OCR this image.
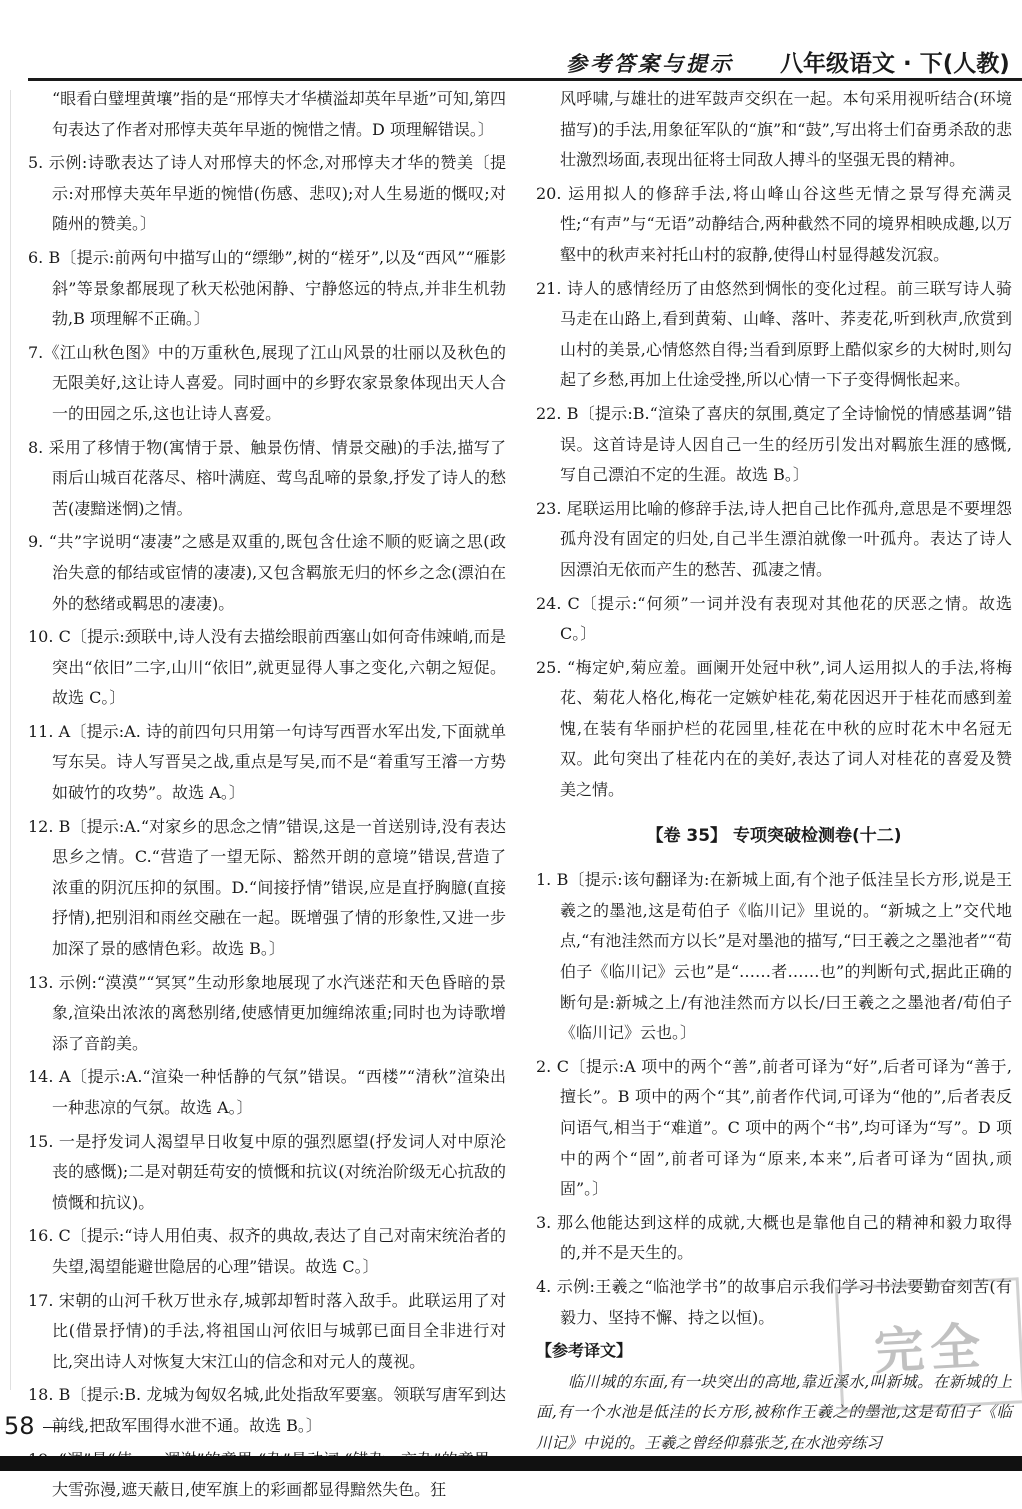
参考答案与提示 八年级语文 · 下(人教)

“眼看白璧埋黄壤”指的是“邢惇夫才华横溢却英年早逝”可知,第四句表达了作者对邢惇夫英年早逝的惋惜之情。D 项理解错误。〕

5. 示例:诗歌表达了诗人对邢惇夫的怀念,对邢惇夫才华的赞美〔提示:对邢惇夫英年早逝的惋惜(伤感、悲叹);对人生易逝的慨叹;对随州的赞美。〕

6. B〔提示:前两句中描写山的“缥缈”,树的“槎牙”,以及“西风”“雁影斜”等景象都展现了秋天松弛闲静、宁静悠远的特点,并非生机勃勃,B 项理解不正确。〕

7.《江山秋色图》中的万重秋色,展现了江山风景的壮丽以及秋色的无限美好,这让诗人喜爱。同时画中的乡野农家景象体现出天人合一的田园之乐,这也让诗人喜爱。

8. 采用了移情于物(寓情于景、触景伤情、情景交融)的手法,描写了雨后山城百花落尽、榕叶满庭、莺鸟乱啼的景象,抒发了诗人的愁苦(凄黯迷惘)之情。

9. “共”字说明“凄凄”之感是双重的,既包含仕途不顺的贬谪之思(政治失意的郁结或宦情的凄凄),又包含羁旅无归的怀乡之念(漂泊在外的愁绪或羁思的凄凄)。

10. C〔提示:颈联中,诗人没有去描绘眼前西塞山如何奇伟竦峭,而是突出“依旧”二字,山川“依旧”,就更显得人事之变化,六朝之短促。故选 C。〕

11. A〔提示:A. 诗的前四句只用第一句诗写西晋水军出发,下面就单写东吴。诗人写晋吴之战,重点是写吴,而不是“着重写王濬一方势如破竹的攻势”。故选 A。〕

12. B〔提示:A.“对家乡的思念之情”错误,这是一首送别诗,没有表达思乡之情。C.“营造了一望无际、豁然开朗的意境”错误,营造了浓重的阴沉压抑的氛围。D.“间接抒情”错误,应是直抒胸臆(直接抒情),把别泪和雨丝交融在一起。既增强了情的形象性,又进一步加深了景的感情色彩。故选 B。〕

13. 示例:“漠漠”“冥冥”生动形象地展现了水汽迷茫和天色昏暗的景象,渲染出浓浓的离愁别绪,使感情更加缠绵浓重;同时也为诗歌增添了音韵美。

14. A〔提示:A.“渲染一种恬静的气氛”错误。“西楼”“清秋”渲染出一种悲凉的气氛。故选 A。〕

15. 一是抒发词人渴望早日收复中原的强烈愿望(抒发词人对中原沦丧的感慨);二是对朝廷苟安的愤慨和抗议(对统治阶级无心抗敌的愤慨和抗议)。

16. C〔提示:“诗人用伯夷、叔齐的典故,表达了自己对南宋统治者的失望,渴望能避世隐居的心理”错误。故选 C。〕

17. 宋朝的山河千秋万世永存,城郭却暂时落入敌手。此联运用了对比(借景抒情)的手法,将祖国山河依旧与城郭已面目全非进行对比,突出诗人对恢复大宋江山的信念和对元人的蔑视。

18. B〔提示:B. 龙城为匈奴名城,此处指敌军要塞。领联写唐军到达前线,把敌军围得水泄不通。故选 B。〕

大雪弥漫,遮天蔽日,使军旗上的彩画都显得黯然失色。狂

风呼啸,与雄壮的进军鼓声交织在一起。本句采用视听结合(环境描写)的手法,用象征军队的“旗”和“鼓”,写出将士们奋勇杀敌的悲壮激烈场面,表现出征将士同敌人搏斗的坚强无畏的精神。

20. 运用拟人的修辞手法,将山峰山谷这些无情之景写得充满灵性;“有声”与“无语”动静结合,两种截然不同的境界相映成趣,以万壑中的秋声来衬托山村的寂静,使得山村显得越发沉寂。

21. 诗人的感情经历了由悠然到惆怅的变化过程。前三联写诗人骑马走在山路上,看到黄菊、山峰、落叶、荞麦花,听到秋声,欣赏到山村的美景,心情悠然自得;当看到原野上酷似家乡的大树时,则勾起了乡愁,再加上仕途受挫,所以心情一下子变得惆怅起来。

22. B〔提示:B.“渲染了喜庆的氛围,奠定了全诗愉悦的情感基调”错误。这首诗是诗人因自己一生的经历引发出对羁旅生涯的感慨,写自己漂泊不定的生涯。故选 B。〕

23. 尾联运用比喻的修辞手法,诗人把自己比作孤舟,意思是不要埋怨孤舟没有固定的归处,自己半生漂泊就像一叶孤舟。表达了诗人因漂泊无依而产生的愁苦、孤凄之情。

24. C〔提示:“何须”一词并没有表现对其他花的厌恶之情。故选 C。〕

25. “梅定妒,菊应羞。画阑开处冠中秋”,词人运用拟人的手法,将梅花、菊花人格化,梅花一定嫉妒桂花,菊花因迟开于桂花而感到羞愧,在装有华丽护栏的花园里,桂花在中秋的应时花木中名冠无双。此句突出了桂花内在的美好,表达了词人对桂花的喜爱及赞美之情。

【卷 35】 专项突破检测卷(十二)

1. B〔提示:该句翻译为:在新城上面,有个池子低洼呈长方形,说是王羲之的墨池,这是荀伯子《临川记》里说的。“新城之上”交代地点,“有池洼然而方以长”是对墨池的描写,“曰王羲之之墨池者”“荀伯子《临川记》云也”是“……者……也”的判断句式,据此正确的断句是:新城之上/有池洼然而方以长/曰王羲之之墨池者/荀伯子《临川记》云也。〕

2. C〔提示:A 项中的两个“善”,前者可译为“好”,后者可译为“善于,擅长”。B 项中的两个“其”,前者作代词,可译为“他的”,后者表反问语气,相当于“难道”。C 项中的两个“书”,均可译为“写”。D 项中的两个“固”,前者可译为“原来,本来”,后者可译为“固执,顽固”。〕

3. 那么他能达到这样的成就,大概也是靠他自己的精神和毅力取得的,并不是天生的。

4. 示例:王羲之“临池学书”的故事启示我们学习书法要勤奋刻苦(有毅力、坚持不懈、持之以恒)。

【参考译文】

临川城的东面,有一块突出的高地,靠近溪水,叫新城。在新城的上面,有一个水池是低洼的长方形,被称作王羲之的墨池,这是荀伯子《临川记》中说的。王羲之曾经仰慕张芝,在水池旁练习

完全
58
